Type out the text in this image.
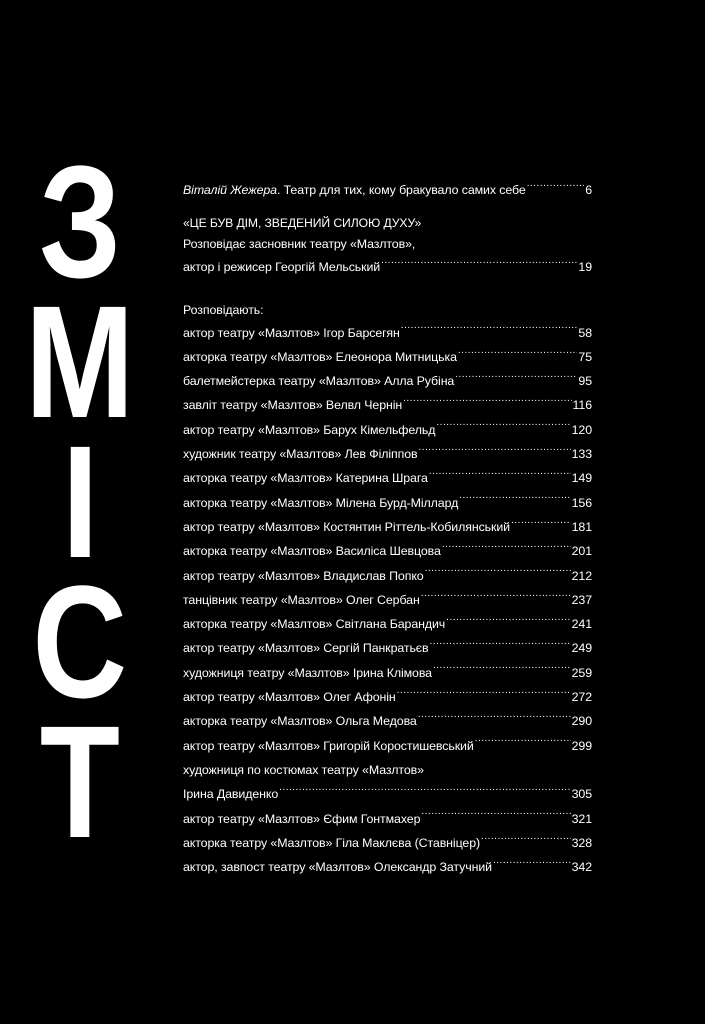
З
М
І
С
Т
Віталій Жежера. Театр для тих, кому бракувало самих себе .....	6
«ЦЕ БУВ ДІМ, ЗВЕДЕНИЙ СИЛОЮ ДУХУ»
Розповідає засновник театру «Мазлтов»,
актор і режисер Георгій Мельський .....	19
Розповідають:
актор театру «Мазлтов» Ігор Барсегян .....	58
акторка театру «Мазлтов» Елеонора Митницька .....	75
балетмейстерка театру «Мазлтов» Алла Рубіна .....	95
завліт театру «Мазлтов» Велвл Чернін .....	116
актор театру «Мазлтов» Барух Кімельфельд .....	120
художник театру «Мазлтов» Лев Філіппов .....	133
акторка театру «Мазлтов» Катерина Шрага .....	149
акторка театру «Мазлтов» Мілена Бурд-Міллард .....	156
актор театру «Мазлтов» Костянтин Ріттель-Кобилянський .....	181
акторка театру «Мазлтов» Василіса Шевцова .....	201
актор театру «Мазлтов» Владислав Попко .....	212
танцівник театру «Мазлтов» Олег Сербан .....	237
акторка театру «Мазлтов» Світлана Барандич .....	241
актор театру «Мазлтов» Сергій Панкратьєв .....	249
художниця театру «Мазлтов» Ірина Клімова .....	259
актор театру «Мазлтов» Олег Афонін .....	272
акторка театру «Мазлтов» Ольга Медова .....	290
актор театру «Мазлтов» Григорій Коростишевський .....	299
художниця по костюмах театру «Мазлтов»
Ірина Давиденко .....	305
актор театру «Мазлтов» Єфим Гонтмахер .....	321
акторка театру «Мазлтов» Гіла Маклєва (Ставніцер) .....	328
актор, завпост театру «Мазлтов» Олександр Затучний .....	342
